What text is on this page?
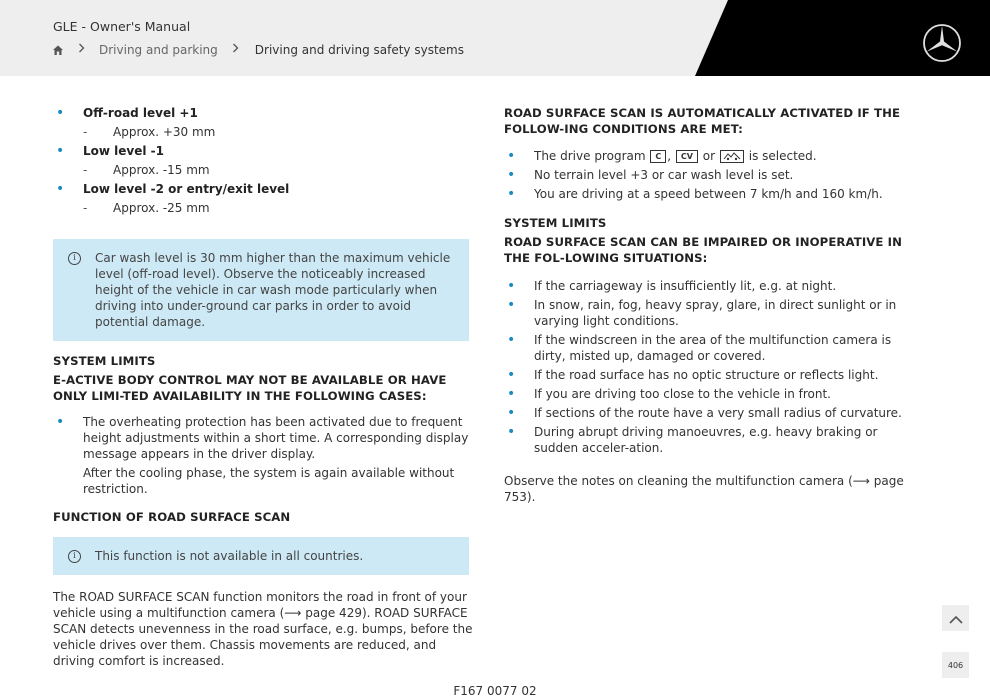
GLE - Owner's Manual
Driving and parking	Driving and driving safety systems
• Off-road level +1
- Approx. +30 mm
• Low level -1
- Approx. -15 mm
• Low level -2 or entry/exit level
- Approx. -25 mm
i	Car wash level is 30 mm higher than the maximum vehicle level (off-road level). Observe the noticeably increased height of the vehicle in car wash mode particularly when driving into under-ground car parks in order to avoid potential damage.
SYSTEM LIMITS
E-ACTIVE BODY CONTROL MAY NOT BE AVAILABLE OR HAVE ONLY LIMI-TED AVAILABILITY IN THE FOLLOWING CASES:
• The overheating protection has been activated due to frequent height adjustments within a short time. A corresponding display message appears in the driver display.
After the cooling phase, the system is again available without restriction.
FUNCTION OF ROAD SURFACE SCAN
i	This function is not available in all countries.
The ROAD SURFACE SCAN function monitors the road in front of your vehicle using a multifunction camera (⟶ page 429). ROAD SURFACE SCAN detects unevenness in the road surface, e.g. bumps, before the vehicle drives over them. Chassis movements are reduced, and driving comfort is increased.
ROAD SURFACE SCAN IS AUTOMATICALLY ACTIVATED IF THE FOLLOW-ING CONDITIONS ARE MET:
• The drive program C , CV or	is selected.
• No terrain level +3 or car wash level is set.
• You are driving at a speed between 7 km/h and 160 km/h.
SYSTEM LIMITS
ROAD SURFACE SCAN CAN BE IMPAIRED OR INOPERATIVE IN THE FOL-LOWING SITUATIONS:
• If the carriageway is insufficiently lit, e.g. at night.
• In snow, rain, fog, heavy spray, glare, in direct sunlight or in varying light conditions.
• If the windscreen in the area of the multifunction camera is dirty, misted up, damaged or covered.
• If the road surface has no optic structure or reflects light.
• If you are driving too close to the vehicle in front.
• If sections of the route have a very small radius of curvature.
• During abrupt driving manoeuvres, e.g. heavy braking or sudden acceler-ation.
Observe the notes on cleaning the multifunction camera (⟶ page 753).
406
F167 0077 02
